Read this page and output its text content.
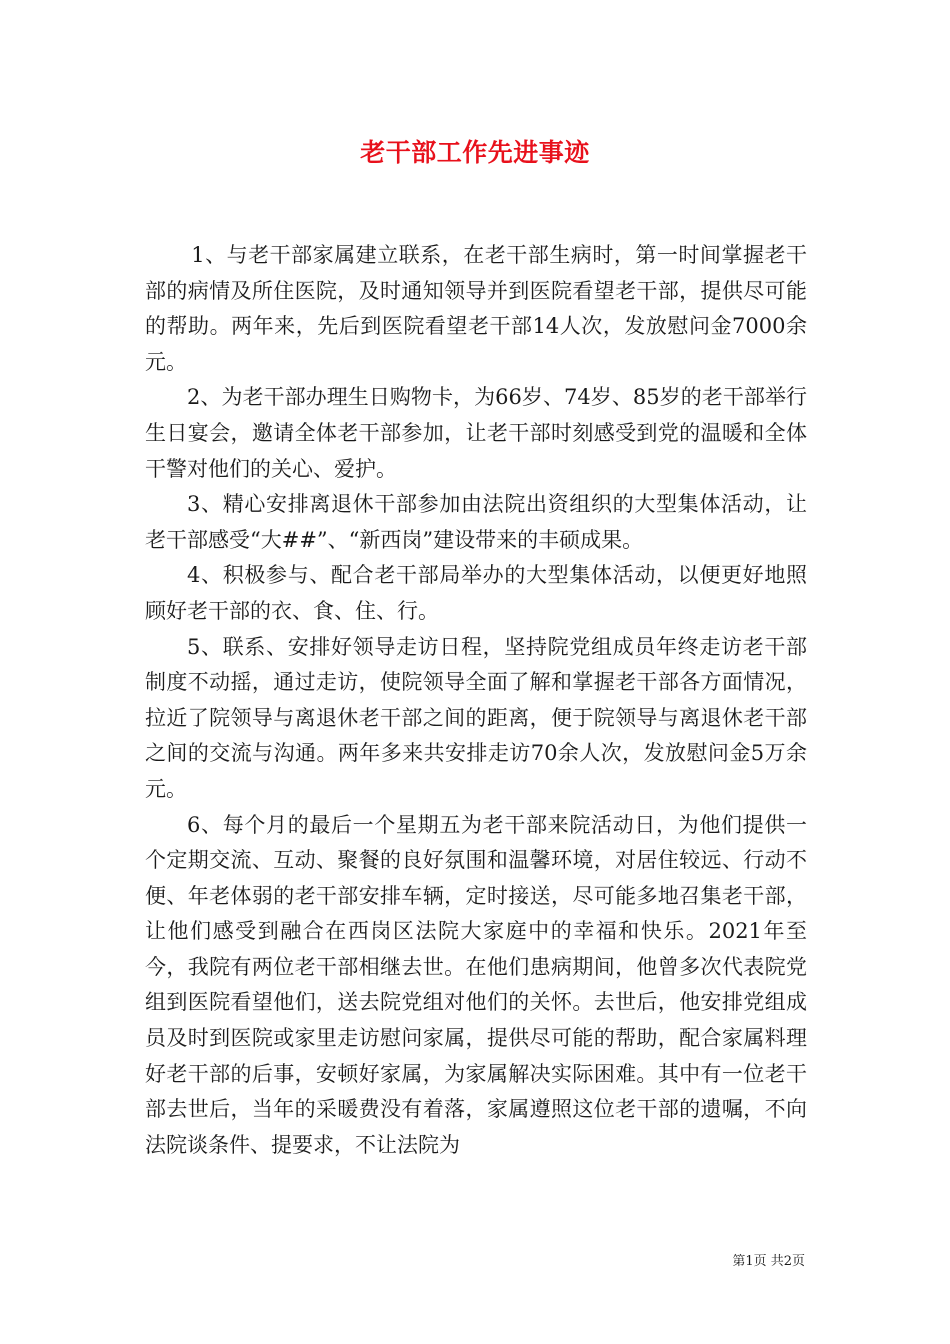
老干部工作先进事迹

1、与老干部家属建立联系，在老干部生病时，第一时间掌握老干部的病情及所住医院，及时通知领导并到医院看望老干部，提供尽可能的帮助。两年来，先后到医院看望老干部14人次，发放慰问金7000余元。

2、为老干部办理生日购物卡，为66岁、74岁、85岁的老干部举行生日宴会，邀请全体老干部参加，让老干部时刻感受到党的温暖和全体干警对他们的关心、爱护。

3、精心安排离退休干部参加由法院出资组织的大型集体活动，让老干部感受“大##”、“新西岗”建设带来的丰硕成果。

4、积极参与、配合老干部局举办的大型集体活动，以便更好地照顾好老干部的衣、食、住、行。

5、联系、安排好领导走访日程，坚持院党组成员年终走访老干部制度不动摇，通过走访，使院领导全面了解和掌握老干部各方面情况，拉近了院领导与离退休老干部之间的距离，便于院领导与离退休老干部之间的交流与沟通。两年多来共安排走访70余人次，发放慰问金5万余元。

6、每个月的最后一个星期五为老干部来院活动日，为他们提供一个定期交流、互动、聚餐的良好氛围和温馨环境，对居住较远、行动不便、年老体弱的老干部安排车辆，定时接送，尽可能多地召集老干部，让他们感受到融合在西岗区法院大家庭中的幸福和快乐。2021年至今，我院有两位老干部相继去世。在他们患病期间，他曾多次代表院党组到医院看望他们，送去院党组对他们的关怀。去世后，他安排党组成员及时到医院或家里走访慰问家属，提供尽可能的帮助，配合家属料理好老干部的后事，安顿好家属，为家属解决实际困难。其中有一位老干部去世后，当年的采暖费没有着落，家属遵照这位老干部的遗嘱，不向法院谈条件、提要求，不让法院为

第1页 共2页
